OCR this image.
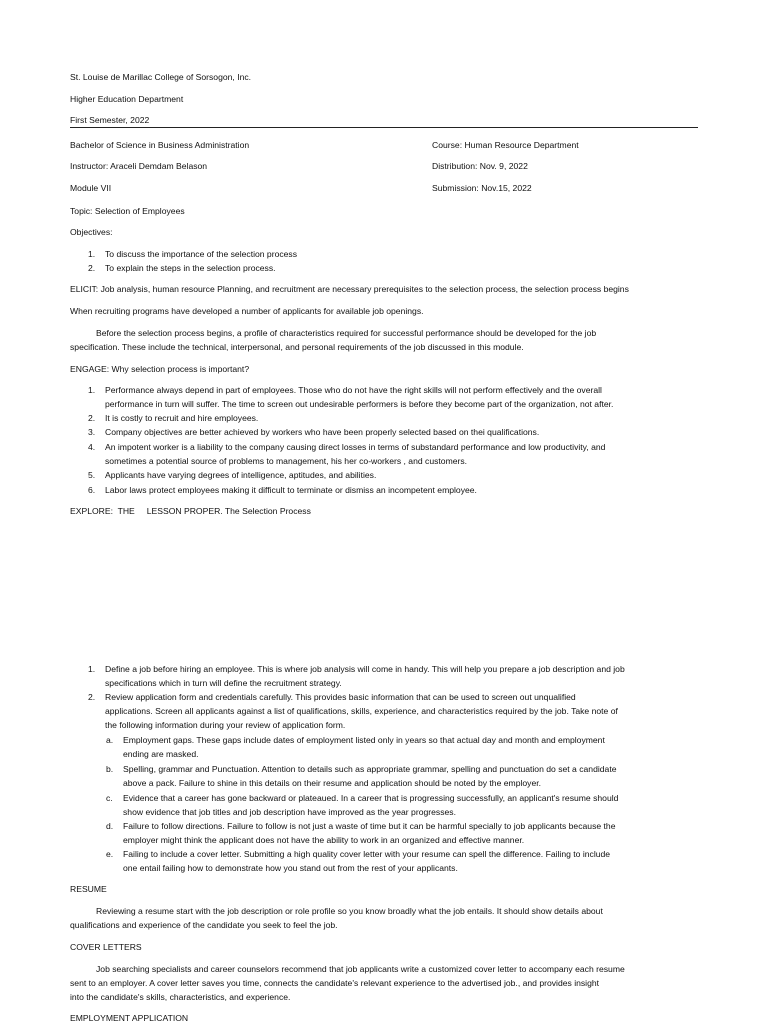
St. Louise de Marillac College of Sorsogon, Inc.
Higher Education Department
First Semester, 2022
Bachelor of Science in Business Administration	Course: Human Resource Department
Instructor: Araceli Demdam Belason	Distribution: Nov. 9, 2022
Module VII	Submission: Nov.15, 2022
Topic: Selection of Employees
Objectives:
1. To discuss the importance of the selection process
2. To explain the steps in the selection process.
ELICIT: Job analysis, human resource Planning, and recruitment are necessary prerequisites to the selection process, the selection process begins
When recruiting programs have developed a number of applicants for available job openings.
Before the selection process begins, a profile of characteristics required for successful performance should be developed for the job
specification. These include the technical, interpersonal, and personal requirements of the job discussed in this module.
ENGAGE: Why selection process is important?
1. Performance always depend in part of employees. Those who do not have the right skills will not perform effectively and the overall
performance in turn will suffer. The time to screen out undesirable performers is before they become part of the organization, not after.
2. It is costly to recruit and hire employees.
3. Company objectives are better achieved by workers who have been properly selected based on thei qualifications.
4. An impotent worker is a liability to the company causing direct losses in terms of substandard performance and low productivity, and
sometimes a potential source of problems to management, his her co-workers , and customers.
5. Applicants have varying degrees of intelligence, aptitudes, and abilities.
6. Labor laws protect employees making it difficult to terminate or dismiss an incompetent employee.
EXPLORE:  THE     LESSON PROPER. The Selection Process
1. Define a job before hiring an employee. This is where job analysis will come in handy. This will help you prepare a job description and job
specifications which in turn will define the recruitment strategy.
2. Review application form and credentials carefully. This provides basic information that can be used to screen out unqualified
applications. Screen all applicants against a list of qualifications, skills, experience, and characteristics required by the job. Take note of
the following information during your review of application form.
a. Employment gaps. These gaps include dates of employment listed only in years so that actual day and month and employment
ending are masked.
b. Spelling, grammar and Punctuation. Attention to details such as appropriate grammar, spelling and punctuation do set a candidate
above a pack. Failure to shine in this details on their resume and application should be noted by the employer.
c. Evidence that a career has gone backward or plateaued. In a career that is progressing successfully, an applicant's resume should
show evidence that job titles and job description have improved as the year progresses.
d. Failure to follow directions. Failure to follow is not just a waste of time but it can be harmful specially to job applicants because the
employer might think the applicant does not have the ability to work in an organized and effective manner.
e. Failing to include a cover letter. Submitting a high quality cover letter with your resume can spell the difference. Failing to include
one entail failing how to demonstrate how you stand out from the rest of your applicants.
RESUME
Reviewing a resume start with the job description or role profile so you know broadly what the job entails. It should show details about
qualifications and experience of the candidate you seek to feel the job.
COVER LETTERS
Job searching specialists and career counselors recommend that job applicants write a customized cover letter to accompany each resume
sent to an employer. A cover letter saves you time, connects the candidate's relevant experience to the advertised job., and provides insight
into the candidate's skills, characteristics, and experience.
EMPLOYMENT APPLICATION
